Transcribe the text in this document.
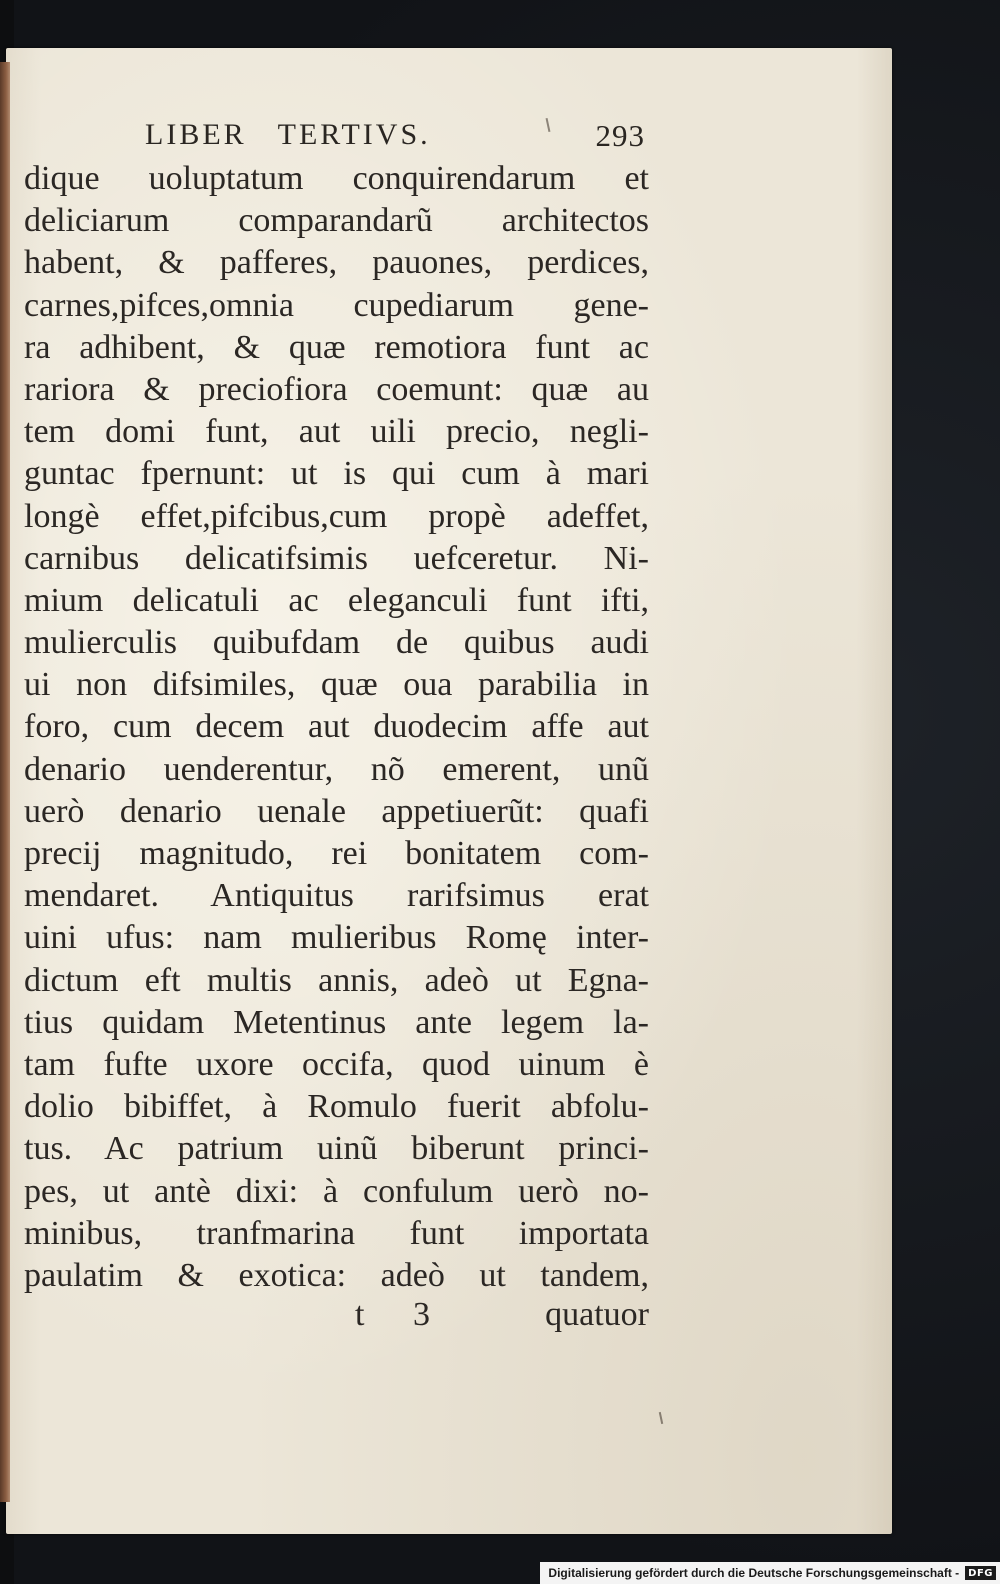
LIBER   TERTIVS.	293
dique uoluptatum conquirendarum et
deliciarum comparandarũ architectos
habent, & pafferes, pauones, perdices,
carnes,pifces,omnia cupediarum gene-
ra adhibent, & quæ remotiora funt ac
rariora & preciofiora coemunt: quæ au
tem domi funt, aut uili precio, negli-
guntac fpernunt: ut is qui cum à mari
longè effet,pifcibus,cum propè adeffet,
carnibus delicatifsimis uefceretur. Ni-
mium delicatuli ac eleganculi funt ifti,
mulierculis quibufdam de quibus audi
ui non difsimiles, quæ oua parabilia in
foro, cum decem aut duodecim affe aut
denario uenderentur, nõ emerent, unũ
uerò denario uenale appetiuerũt: quafi
precij magnitudo, rei bonitatem com-
mendaret. Antiquitus rarifsimus erat
uini ufus: nam mulieribus Romę inter-
dictum eft multis annis, adeò ut Egna-
tius quidam Metentinus ante legem la-
tam fufte uxore occifa, quod uinum è
dolio bibiffet, à Romulo fuerit abfolu-
tus. Ac patrium uinũ biberunt princi-
pes, ut antè dixi: à confulum uerò no-
minibus, tranfmarina funt importata
paulatim & exotica: adeò ut tandem,
t 3	quatuor
Digitalisierung gefördert durch die Deutsche Forschungsgemeinschaft - DFG
